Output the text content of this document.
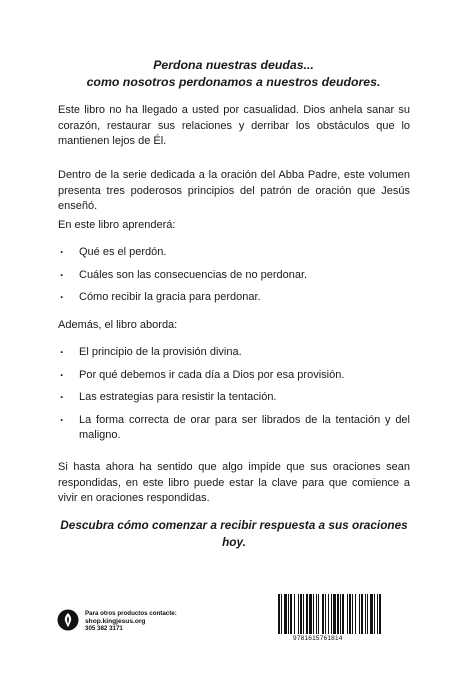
Perdona nuestras deudas...
como nosotros perdonamos a nuestros deudores.

Este libro no ha llegado a usted por casualidad. Dios anhela sanar su corazón, restaurar sus relaciones y derribar los obstáculos que lo mantienen lejos de Él.

Dentro de la serie dedicada a la oración del Abba Padre, este volumen presenta tres poderosos principios del patrón de oración que Jesús enseñó.

En este libro aprenderá:

· Qué es el perdón.
· Cuáles son las consecuencias de no perdonar.
· Cómo recibir la gracia para perdonar.

Además, el libro aborda:

· El principio de la provisión divina.
· Por qué debemos ir cada día a Dios por esa provisión.
· Las estrategias para resistir la tentación.
· La forma correcta de orar para ser librados de la tentación y del maligno.

Si hasta ahora ha sentido que algo impide que sus oraciones sean respondidas, en este libro puede estar la clave para que comience a vivir en oraciones respondidas.

Descubra cómo comenzar a recibir respuesta a sus oraciones hoy.
Para otros productos contacte:
shop.kingjesus.org
305 382 3171
9781615761814
